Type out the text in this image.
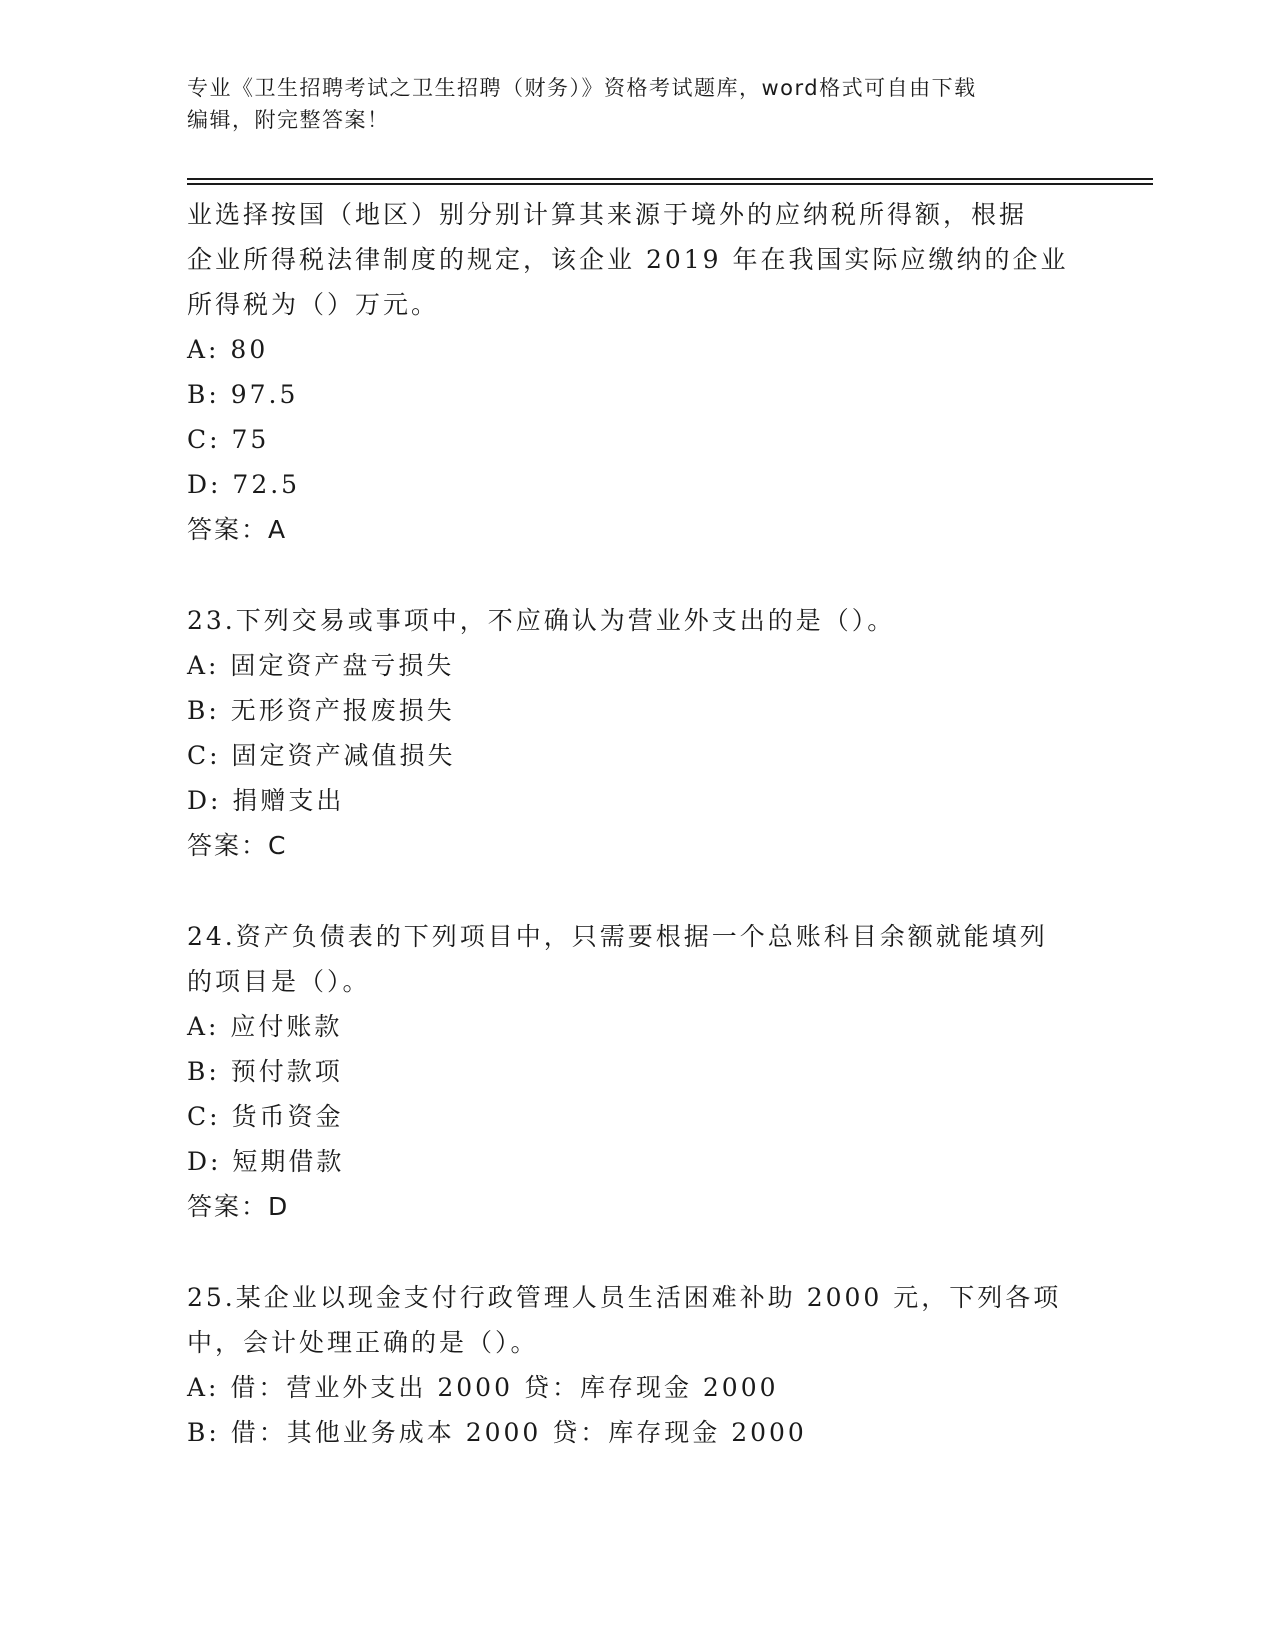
专业《卫生招聘考试之卫生招聘（财务）》资格考试题库，word格式可自由下载
编辑，附完整答案！
业选择按国（地区）别分别计算其来源于境外的应纳税所得额，根据
企业所得税法律制度的规定，该企业 2019 年在我国实际应缴纳的企业
所得税为（）万元。
A: 80
B: 97.5
C: 75
D: 72.5
答案：A
23.下列交易或事项中，不应确认为营业外支出的是（）。
A: 固定资产盘亏损失
B: 无形资产报废损失
C: 固定资产减值损失
D: 捐赠支出
答案：C
24.资产负债表的下列项目中，只需要根据一个总账科目余额就能填列
的项目是（）。
A: 应付账款
B: 预付款项
C: 货币资金
D: 短期借款
答案：D
25.某企业以现金支付行政管理人员生活困难补助 2000 元，下列各项
中，会计处理正确的是（）。
A: 借：营业外支出 2000 贷：库存现金 2000
B: 借：其他业务成本 2000 贷：库存现金 2000
